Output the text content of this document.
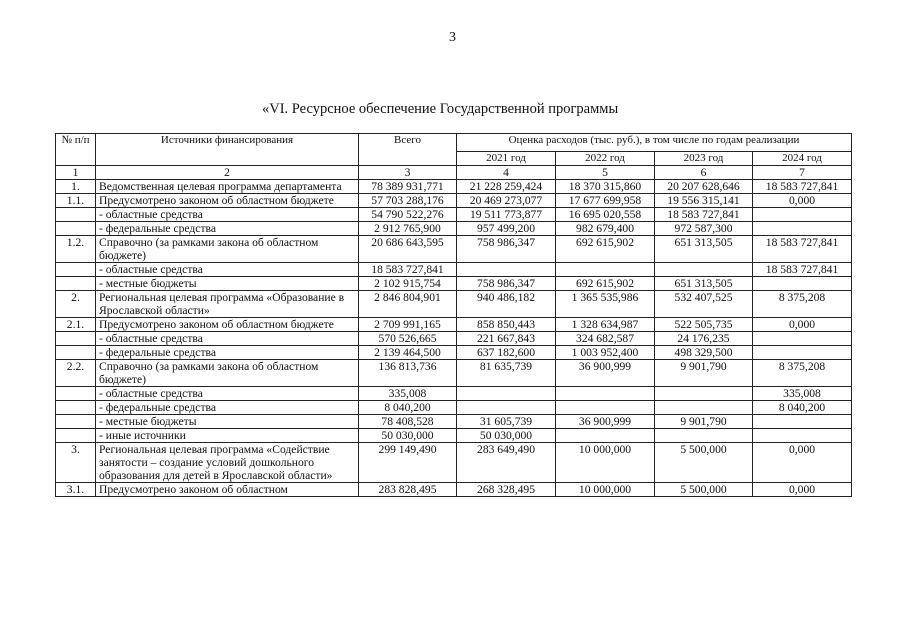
3
«VI. Ресурсное обеспечение Государственной программы
№ п/п	Источники финансирования	Всего	Оценка расходов (тыс. руб.), в том числе по годам реализации			
			2021 год	2022 год	2023 год	2024 год
1	2	3	4	5	6	7
1.	Ведомственная целевая программа департамента	78 389 931,771	21 228 259,424	18 370 315,860	20 207 628,646	18 583 727,841
1.1.	Предусмотрено законом об областном бюджете	57 703 288,176	20 469 273,077	17 677 699,958	19 556 315,141	0,000
	- областные средства	54 790 522,276	19 511 773,877	16 695 020,558	18 583 727,841	
	- федеральные средства	2 912 765,900	957 499,200	982 679,400	972 587,300	
1.2.	Справочно (за рамками закона об областном бюджете)	20 686 643,595	758 986,347	692 615,902	651 313,505	18 583 727,841
	- областные средства	18 583 727,841				18 583 727,841
	- местные бюджеты	2 102 915,754	758 986,347	692 615,902	651 313,505	
2.	Региональная целевая программа «Образование в Ярославской области»	2 846 804,901	940 486,182	1 365 535,986	532 407,525	8 375,208
2.1.	Предусмотрено законом об областном бюджете	2 709 991,165	858 850,443	1 328 634,987	522 505,735	0,000
	- областные средства	570 526,665	221 667,843	324 682,587	24 176,235	
	- федеральные средства	2 139 464,500	637 182,600	1 003 952,400	498 329,500	
2.2.	Справочно (за рамками закона об областном бюджете)	136 813,736	81 635,739	36 900,999	9 901,790	8 375,208
	- областные средства	335,008				335,008
	- федеральные средства	8 040,200				8 040,200
	- местные бюджеты	78 408,528	31 605,739	36 900,999	9 901,790	
	- иные источники	50 030,000	50 030,000			
3.	Региональная целевая программа «Содействие занятости – создание условий дошкольного образования для детей в Ярославской области»	299 149,490	283 649,490	10 000,000	5 500,000	0,000
3.1.	Предусмотрено законом об областном	283 828,495	268 328,495	10 000,000	5 500,000	0,000
